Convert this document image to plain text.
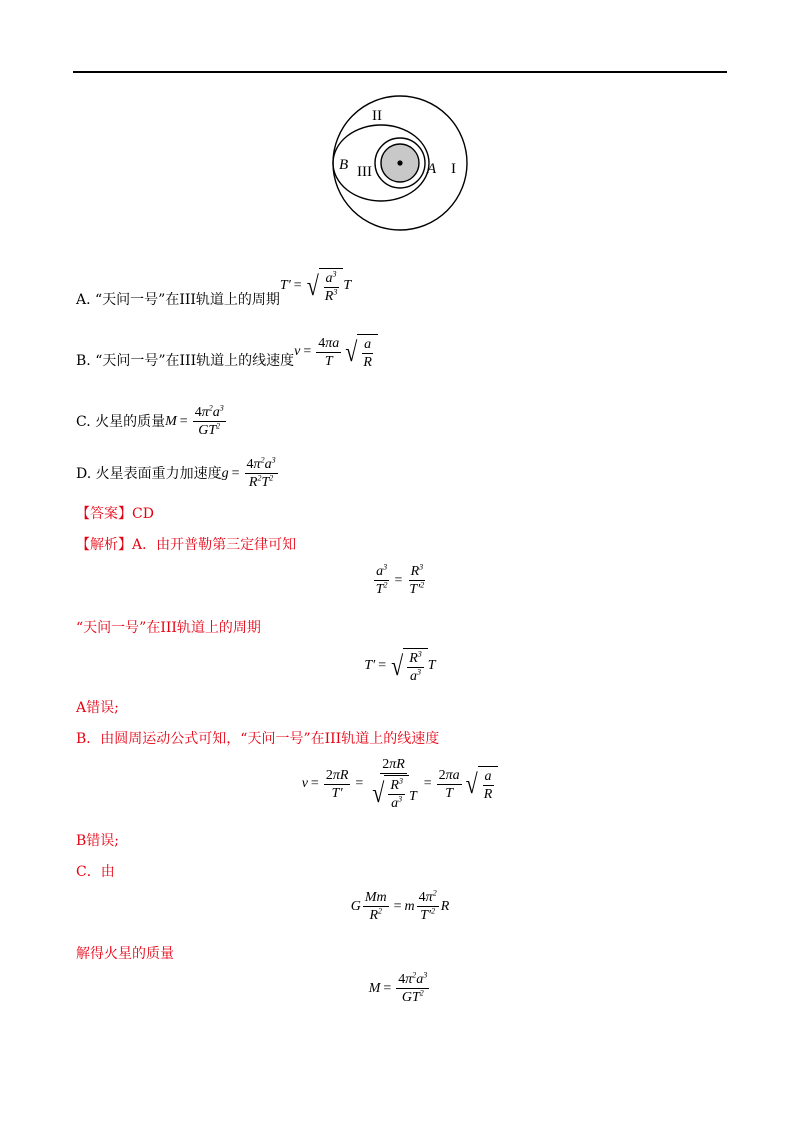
II
III	I
B	A
A. “天问一号”在III轨道上的周期
T′ = √ $\frac{a^3}{R^3}$ T
B. “天问一号”在III轨道上的线速度
$v = \frac{4\pi a}{T}$ √ $\frac{a}{R}$
C. 火星的质量 $M = \frac{4\pi^2a^3}{GT^2}$
D. 火星表面重力加速度 $g = \frac{4\pi^2a^3}{R^2T^2}$
【答案】 CD
【解析】 A．由开普勒第三定律可知
$\frac{a^3}{T^2} = \frac{R^3}{T'^2}$
“天问一号”在III轨道上的周期
T′ = √ $\frac{R^3}{a^3}$ T
A错误;
B．由圆周运动公式可知，“天问一号”在III轨道上的线速度
$v = \frac{2\pi R}{T'} = \frac{2\pi R}{√ \frac{R^3}{a^3} T} = \frac{2\pi a}{T}$ √ $\frac{a}{R}$
B错误;
C．由
G $\frac{Mm}{R^2} = m \frac{4\pi^2}{T'^2}$ R
解得火星的质量
$M = \frac{4\pi^2a^3}{GT^2}$
